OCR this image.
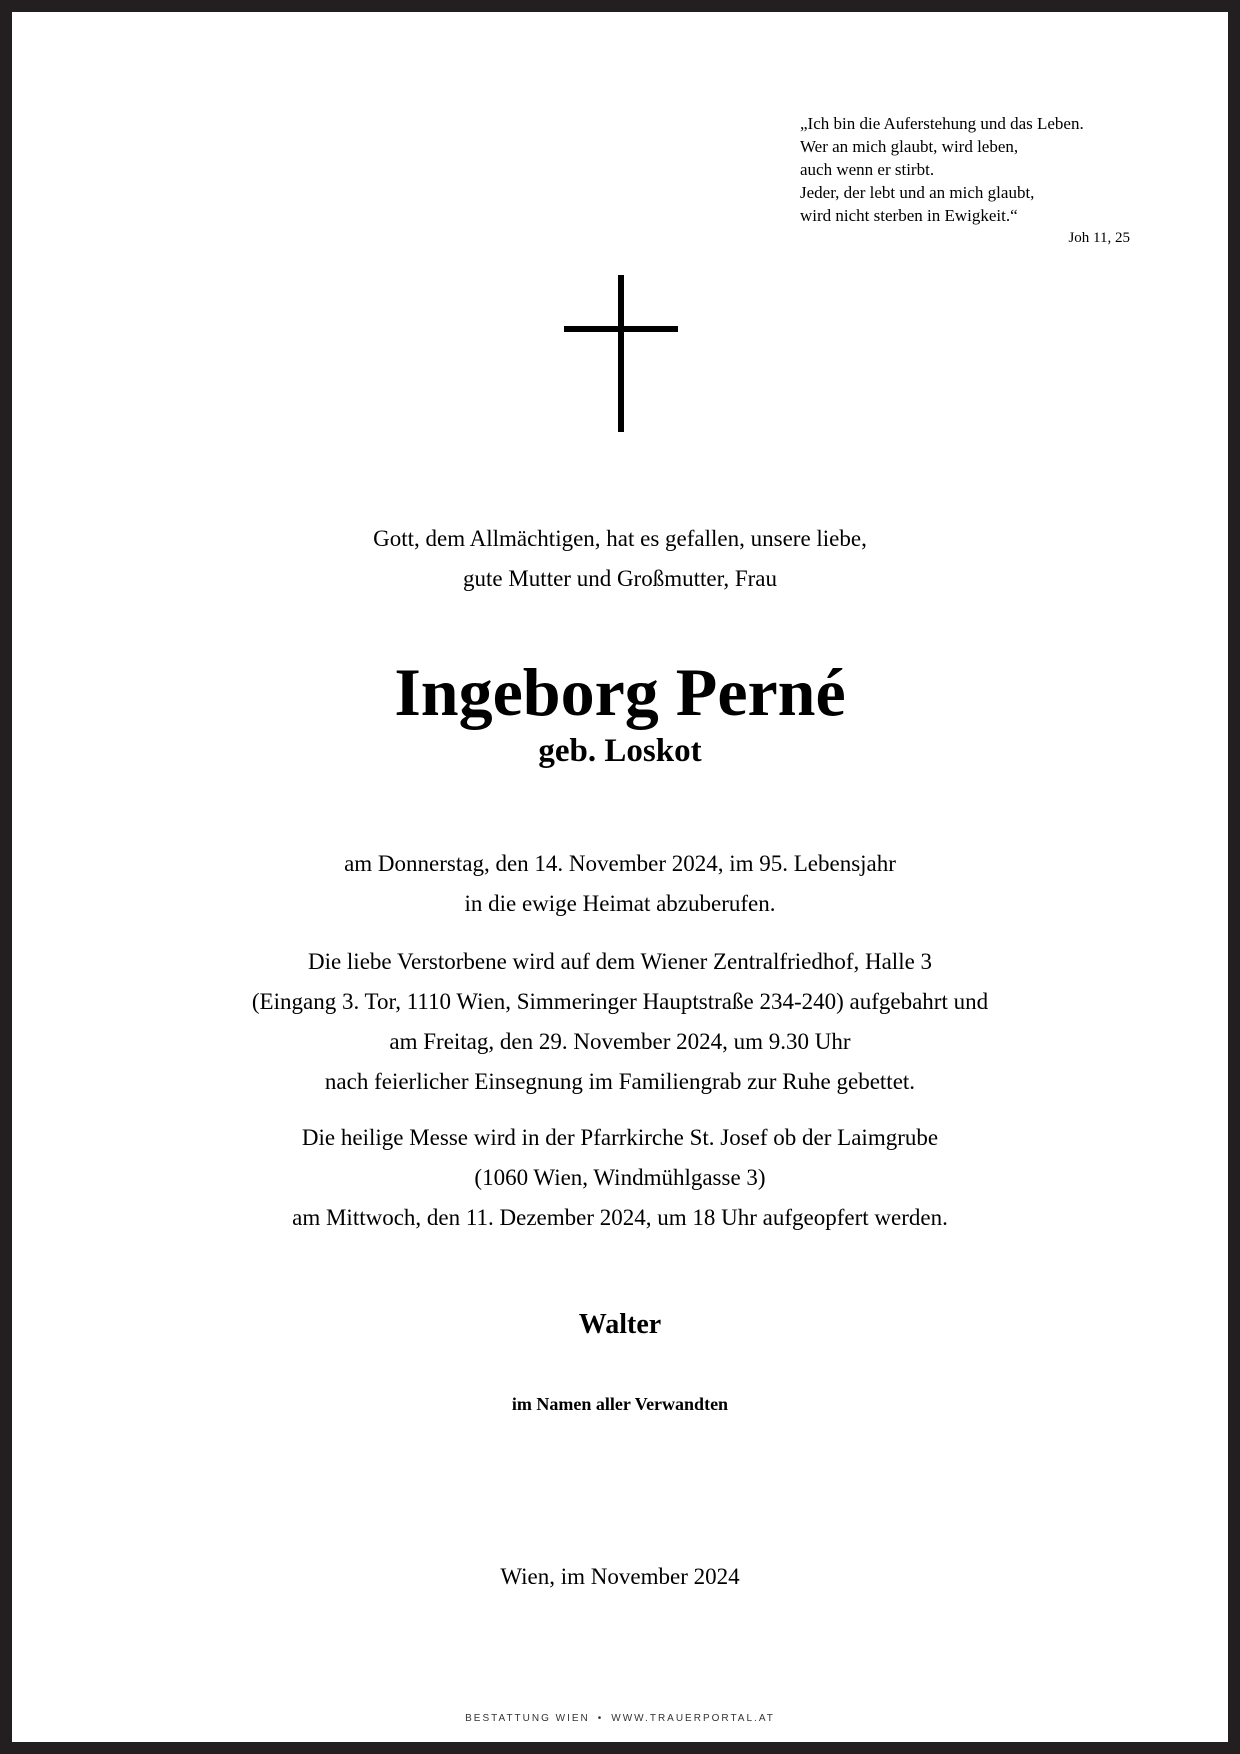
„Ich bin die Auferstehung und das Leben.
Wer an mich glaubt, wird leben,
auch wenn er stirbt.
Jeder, der lebt und an mich glaubt,
wird nicht sterben in Ewigkeit.“
Joh 11, 25
Gott, dem Allmächtigen, hat es gefallen, unsere liebe,
gute Mutter und Großmutter, Frau
Ingeborg Perné
geb. Loskot
am Donnerstag, den 14. November 2024, im 95. Lebensjahr
in die ewige Heimat abzuberufen.
Die liebe Verstorbene wird auf dem Wiener Zentralfriedhof, Halle 3
(Eingang 3. Tor, 1110 Wien, Simmeringer Hauptstraße 234-240) aufgebahrt und
am Freitag, den 29. November 2024, um 9.30 Uhr
nach feierlicher Einsegnung im Familiengrab zur Ruhe gebettet.
Die heilige Messe wird in der Pfarrkirche St. Josef ob der Laimgrube
(1060 Wien, Windmühlgasse 3)
am Mittwoch, den 11. Dezember 2024, um 18 Uhr aufgeopfert werden.
Walter
im Namen aller Verwandten
Wien, im November 2024
BESTATTUNG WIEN • WWW.TRAUERPORTAL.AT
